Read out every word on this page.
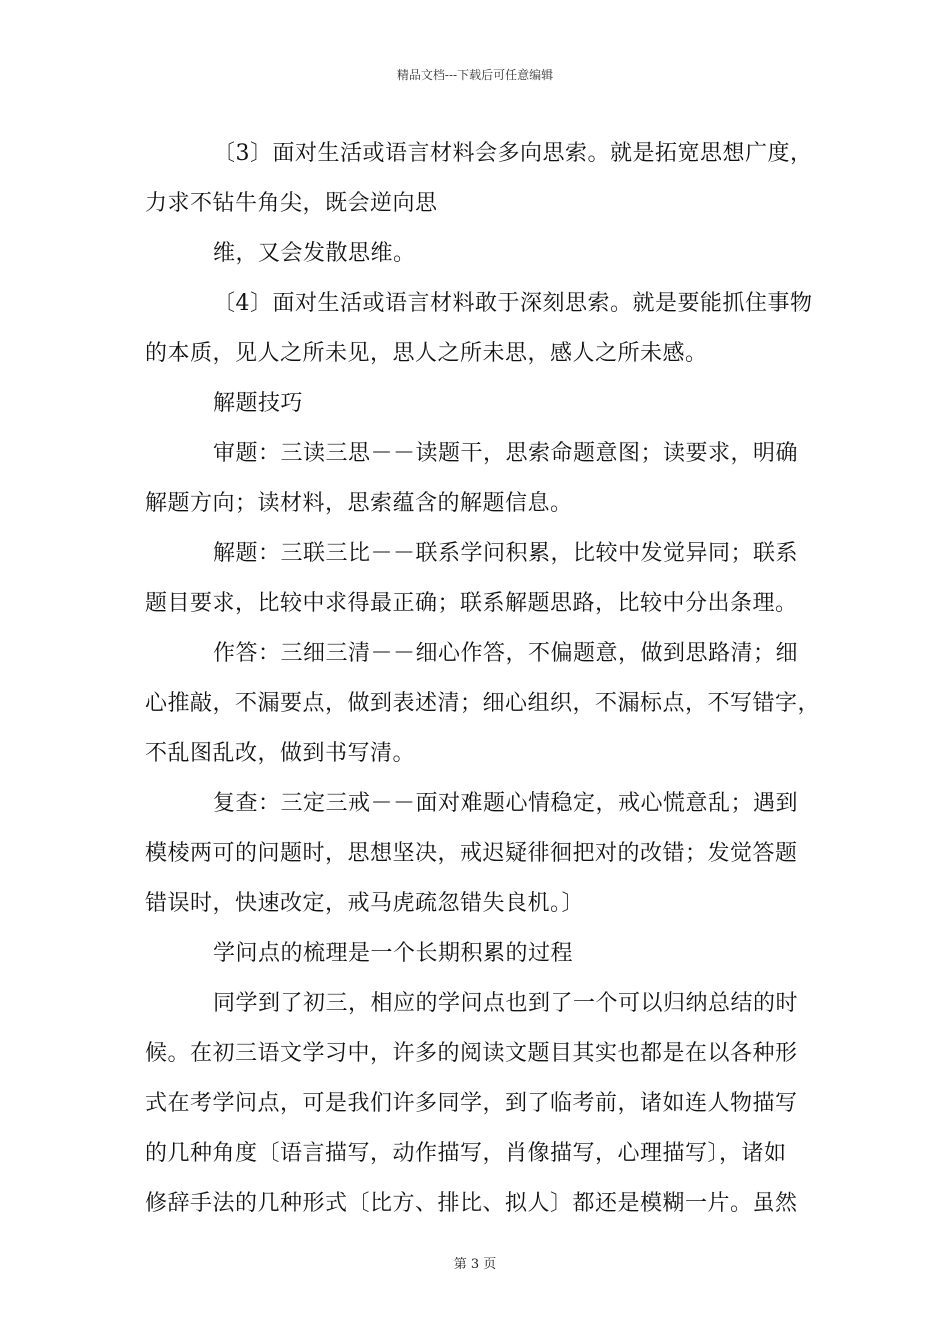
精品文档---下载后可任意编辑
〔3〕面对生活或语言材料会多向思索。就是拓宽思想广度，
力求不钻牛角尖，既会逆向思
维，又会发散思维。
〔4〕面对生活或语言材料敢于深刻思索。就是要能抓住事物
的本质，见人之所未见，思人之所未思，感人之所未感。
解题技巧
审题：三读三思－－读题干，思索命题意图；读要求，明确
解题方向；读材料，思索蕴含的解题信息。
解题：三联三比－－联系学问积累，比较中发觉异同；联系
题目要求，比较中求得最正确；联系解题思路，比较中分出条理。
作答：三细三清－－细心作答，不偏题意，做到思路清；细
心推敲，不漏要点，做到表述清；细心组织，不漏标点，不写错字，
不乱图乱改，做到书写清。
复查：三定三戒－－面对难题心情稳定，戒心慌意乱；遇到
模棱两可的问题时，思想坚决，戒迟疑徘徊把对的改错；发觉答题
错误时，快速改定，戒马虎疏忽错失良机。〕
学问点的梳理是一个长期积累的过程
同学到了初三，相应的学问点也到了一个可以归纳总结的时
候。在初三语文学习中，许多的阅读文题目其实也都是在以各种形
式在考学问点，可是我们许多同学，到了临考前，诸如连人物描写
的几种角度〔语言描写，动作描写，肖像描写，心理描写〕，诸如
修辞手法的几种形式〔比方、排比、拟人〕都还是模糊一片。虽然
第 3 页
